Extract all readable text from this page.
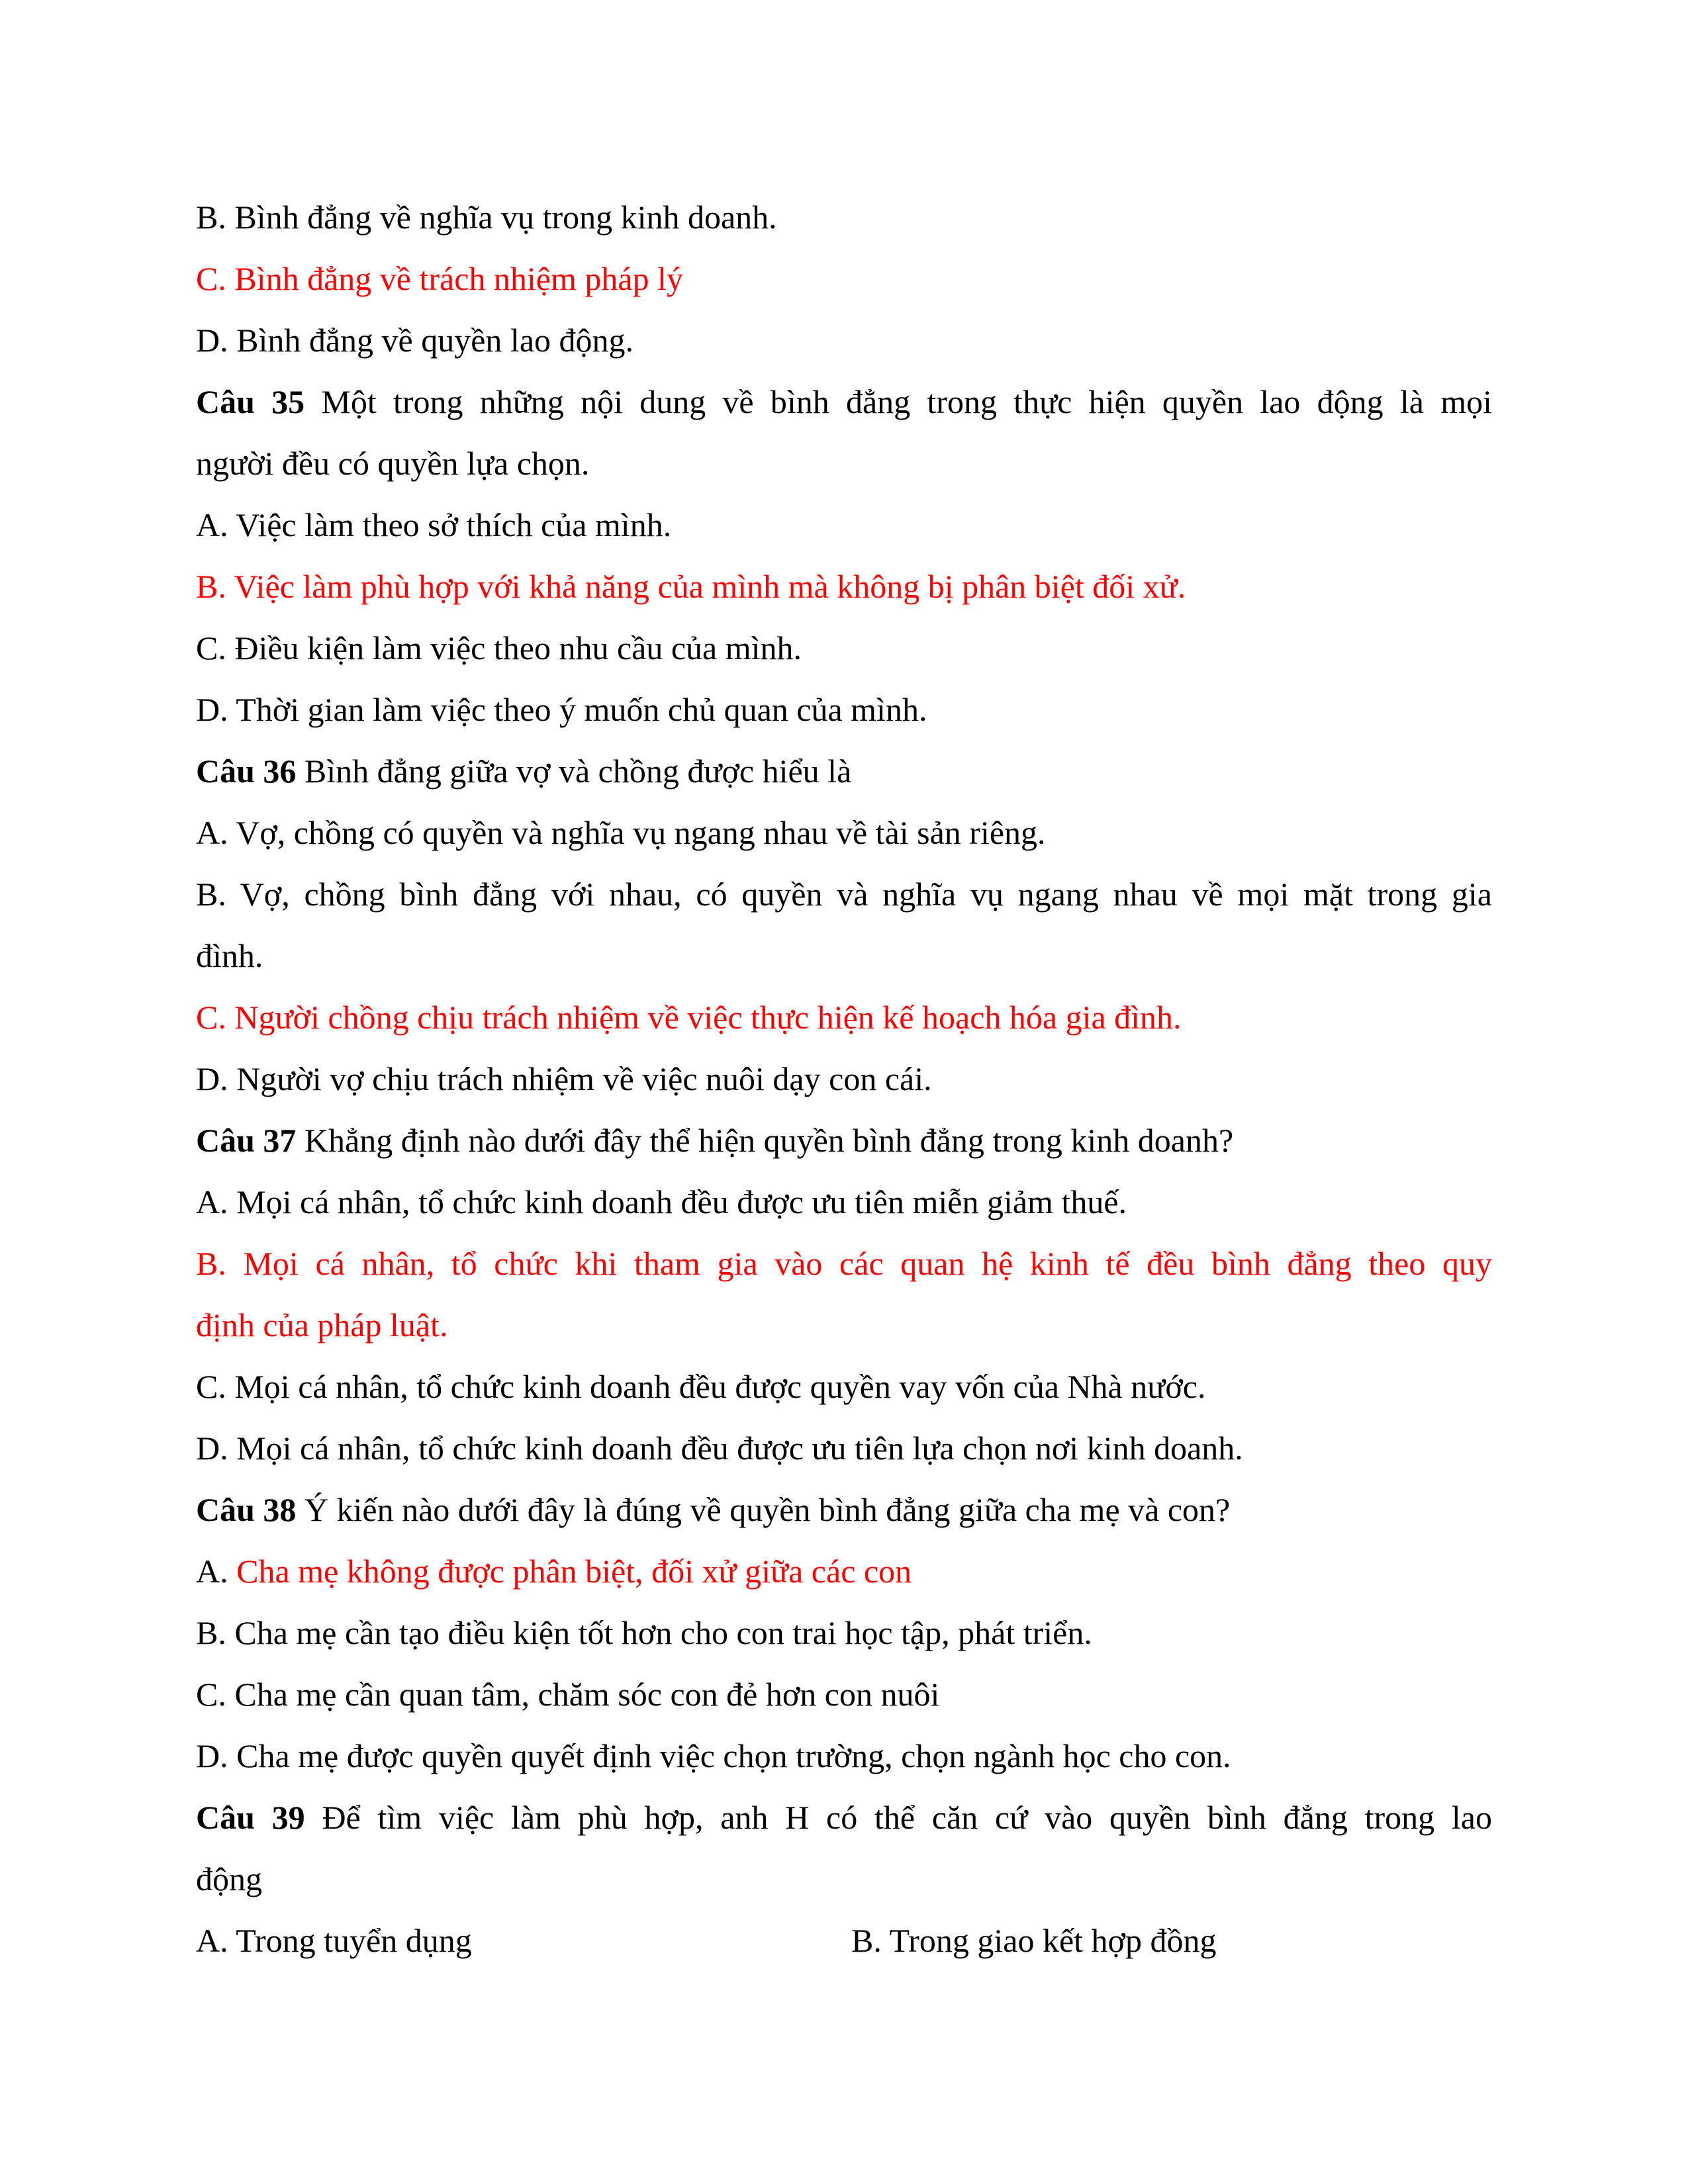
B. Bình đẳng về nghĩa vụ trong kinh doanh.

C. Bình đẳng về trách nhiệm pháp lý

D. Bình đẳng về quyền lao động.

Câu 35 Một trong những nội dung về bình đẳng trong thực hiện quyền lao động là mọi

người đều có quyền lựa chọn.

A. Việc làm theo sở thích của mình.

B. Việc làm phù hợp với khả năng của mình mà không bị phân biệt đối xử.

C. Điều kiện làm việc theo nhu cầu của mình.

D. Thời gian làm việc theo ý muốn chủ quan của mình.

Câu 36 Bình đẳng giữa vợ và chồng được hiểu là

A. Vợ, chồng có quyền và nghĩa vụ ngang nhau về tài sản riêng.

B. Vợ, chồng bình đẳng với nhau, có quyền và nghĩa vụ ngang nhau về mọi mặt trong gia

đình.

C. Người chồng chịu trách nhiệm về việc thực hiện kế hoạch hóa gia đình.

D. Người vợ chịu trách nhiệm về việc nuôi dạy con cái.

Câu 37 Khẳng định nào dưới đây thể hiện quyền bình đẳng trong kinh doanh?

A. Mọi cá nhân, tổ chức kinh doanh đều được ưu tiên miễn giảm thuế.

B. Mọi cá nhân, tổ chức khi tham gia vào các quan hệ kinh tế đều bình đẳng theo quy

định của pháp luật.

C. Mọi cá nhân, tổ chức kinh doanh đều được quyền vay vốn của Nhà nước.

D. Mọi cá nhân, tổ chức kinh doanh đều được ưu tiên lựa chọn nơi kinh doanh.

Câu 38 Ý kiến nào dưới đây là đúng về quyền bình đẳng giữa cha mẹ và con?

A. Cha mẹ không được phân biệt, đối xử giữa các con

B. Cha mẹ cần tạo điều kiện tốt hơn cho con trai học tập, phát triển.

C. Cha mẹ cần quan tâm, chăm sóc con đẻ hơn con nuôi

D. Cha mẹ được quyền quyết định việc chọn trường, chọn ngành học cho con.

Câu 39 Để tìm việc làm phù hợp, anh H có thể căn cứ vào quyền bình đẳng trong lao

động

A. Trong tuyển dụng	B. Trong giao kết hợp đồng
